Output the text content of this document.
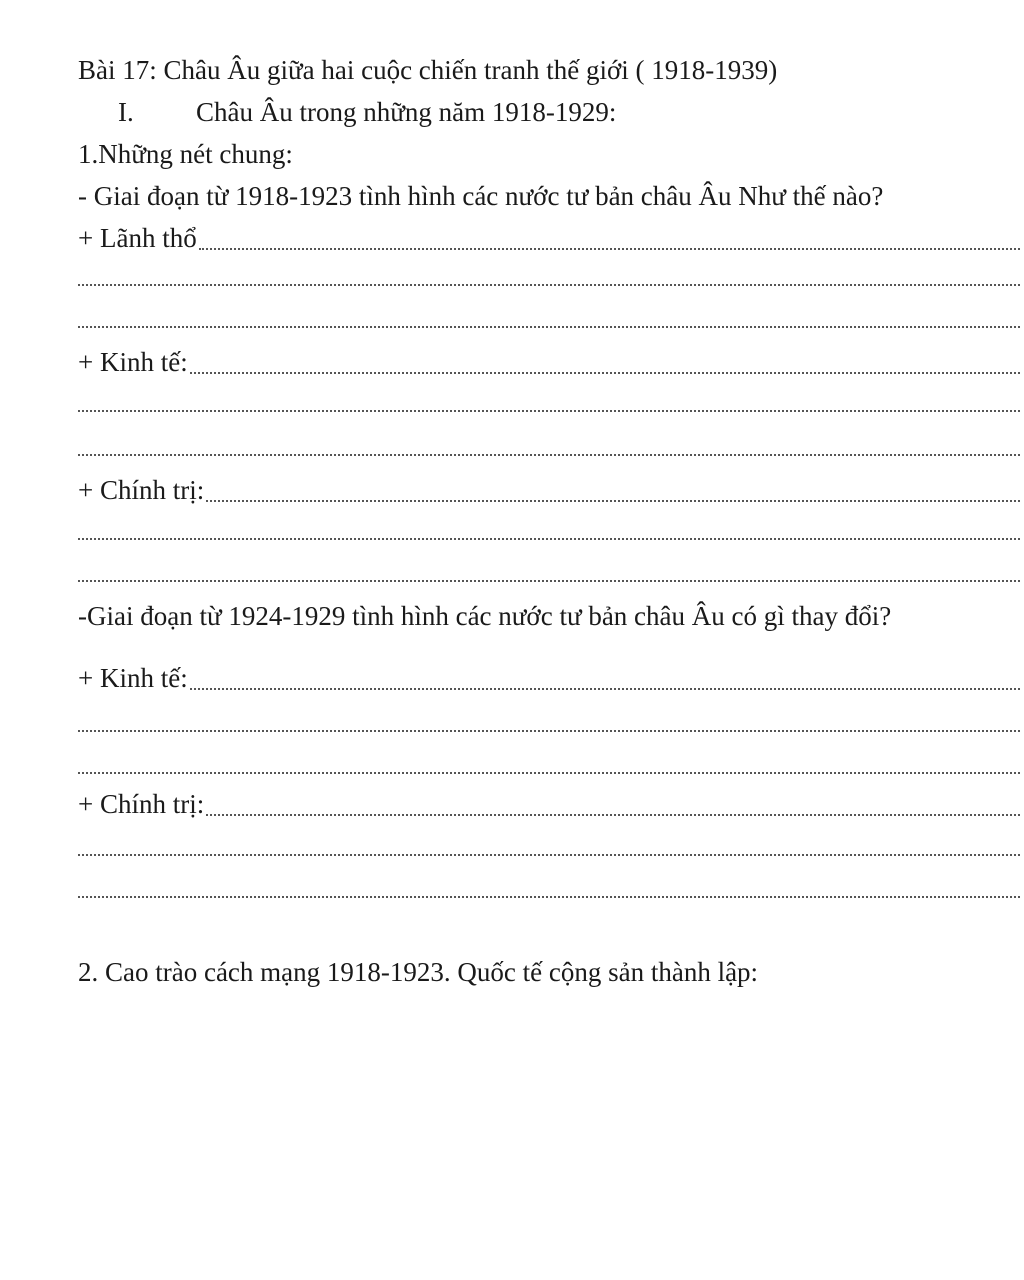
Bài 17: Châu Âu giữa hai cuộc chiến tranh thế giới ( 1918-1939)
I. Châu Âu trong những năm 1918-1929:
1.Những nét chung:
- Giai đoạn từ 1918-1923 tình hình các nước tư bản châu Âu Như thế nào?
+ Lãnh thổ
+ Kinh tế:
+ Chính trị:
-Giai đoạn từ 1924-1929 tình hình các nước tư bản châu Âu có gì thay đổi?
+ Kinh tế:
+ Chính trị:
2. Cao trào cách mạng 1918-1923. Quốc tế cộng sản thành lập:
